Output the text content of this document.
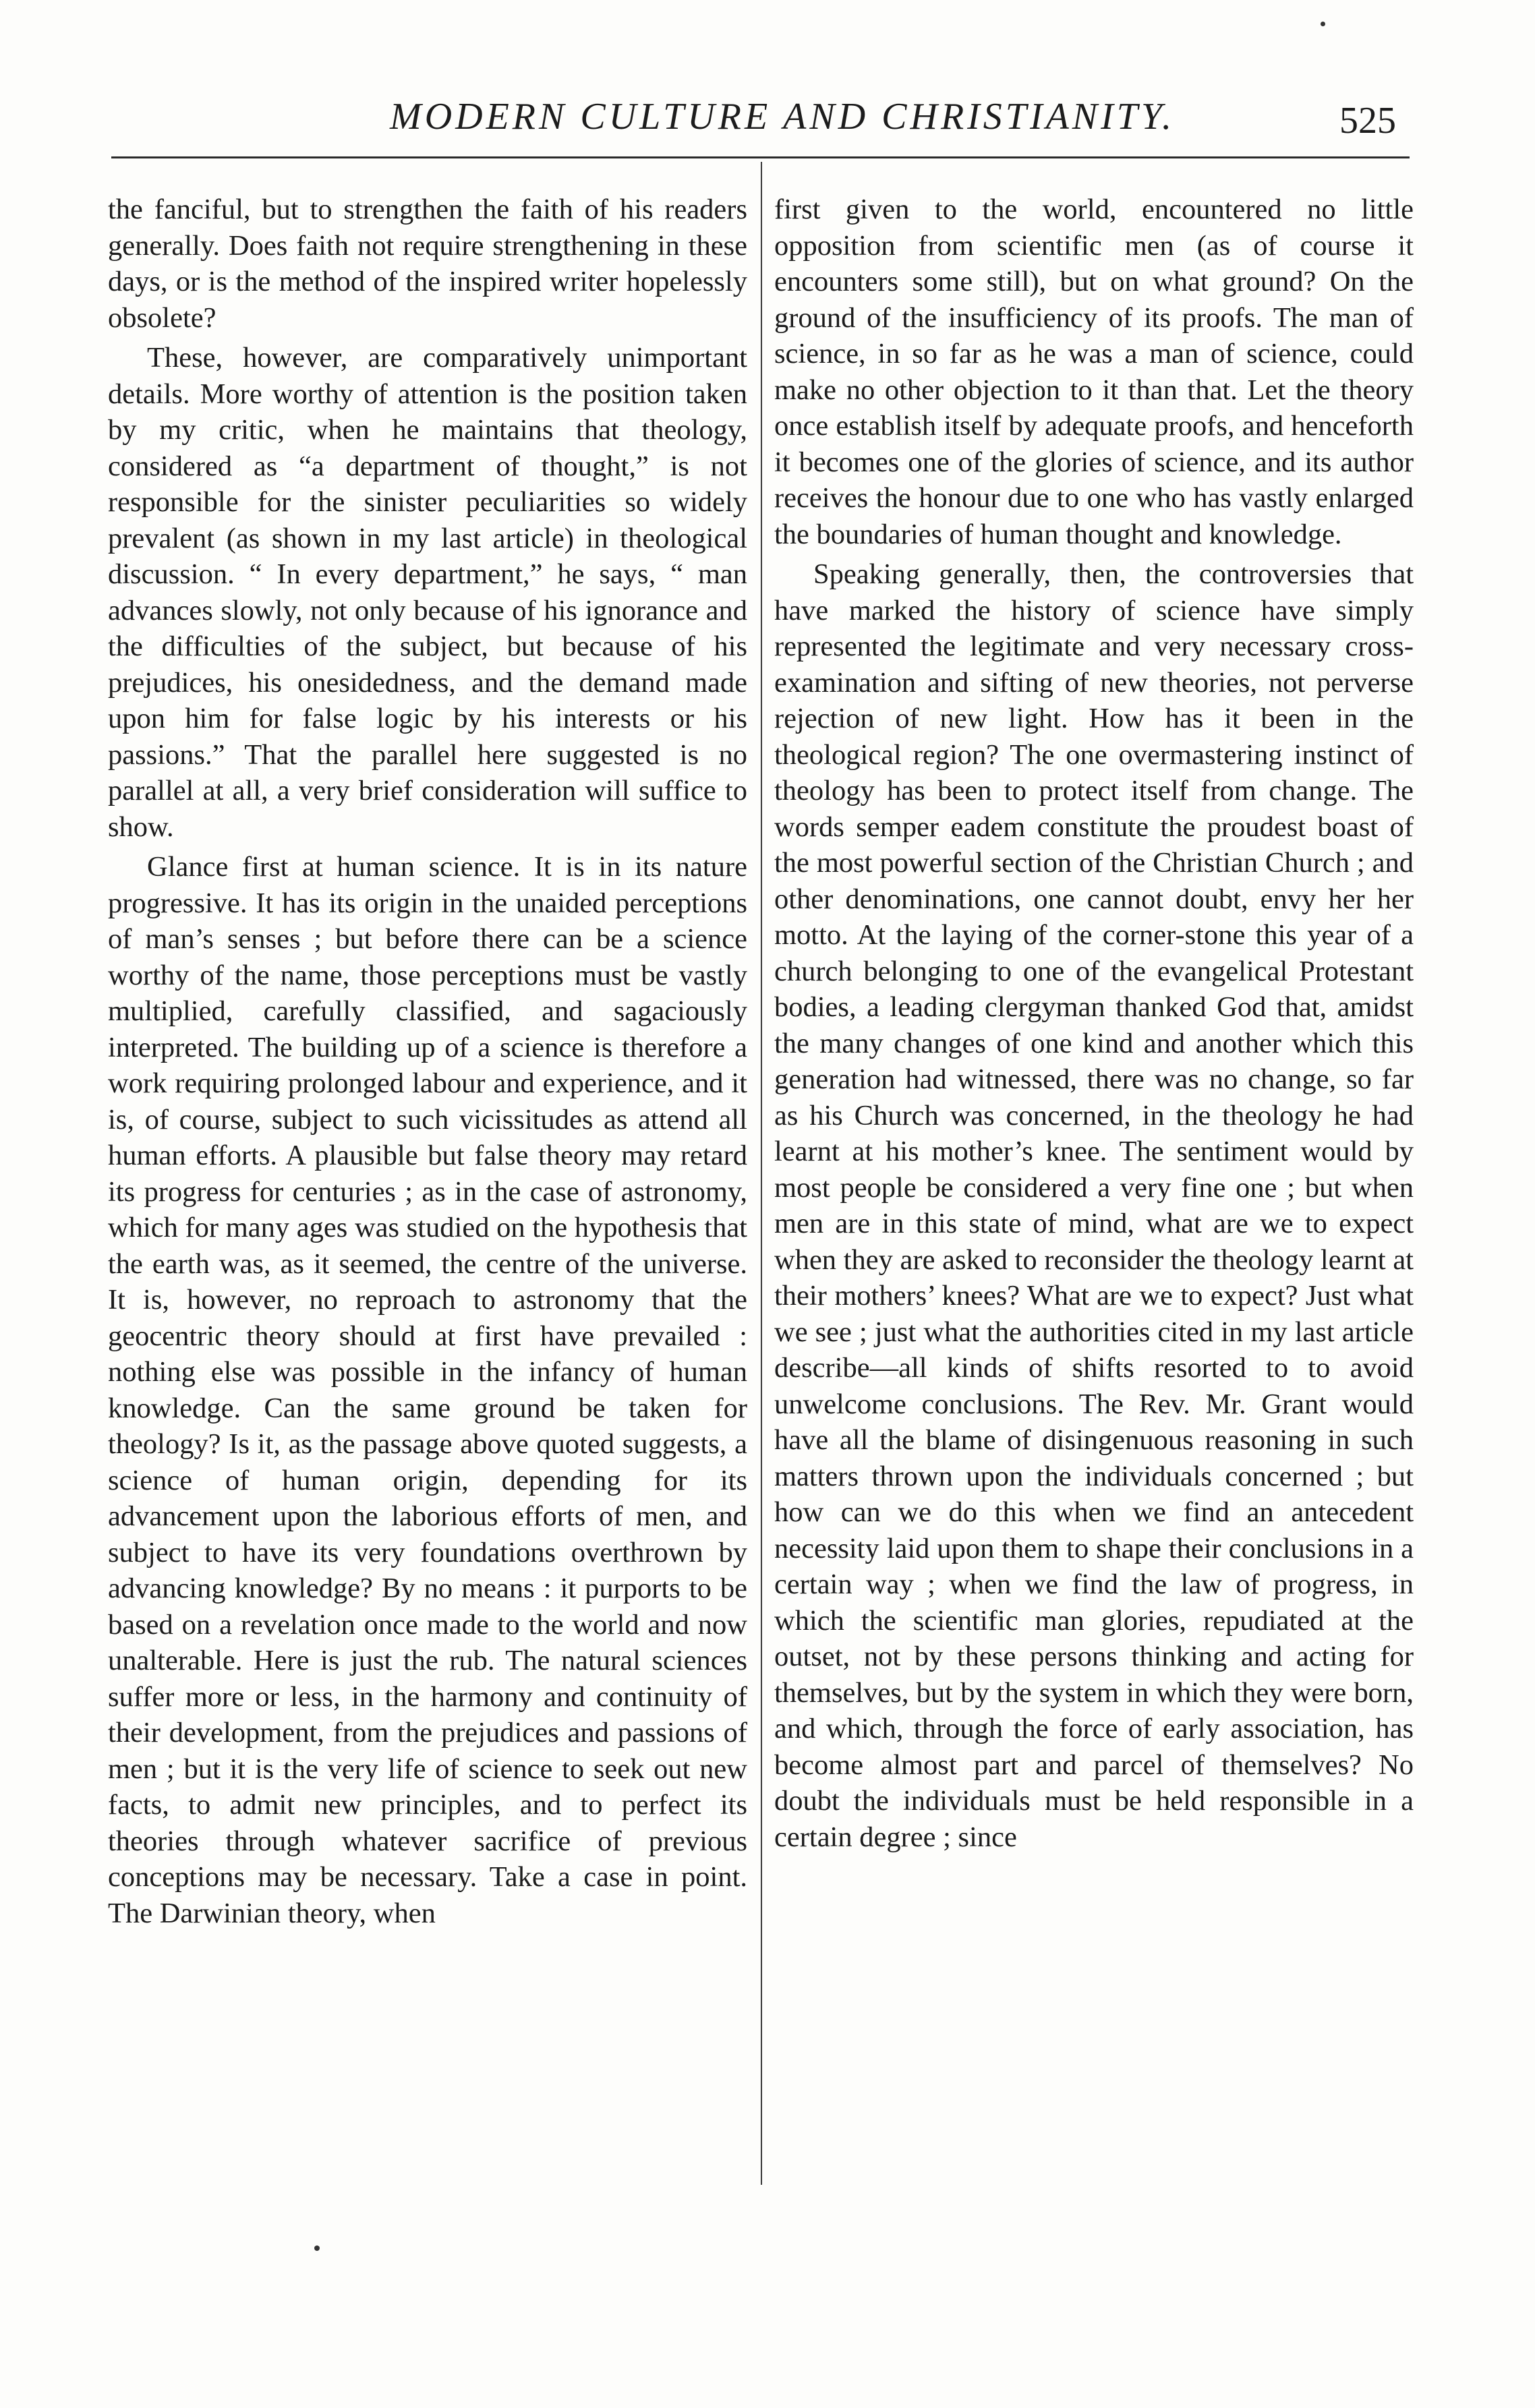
MODERN CULTURE AND CHRISTIANITY.	525

the fanciful, but to strengthen the faith of his readers generally. Does faith not require strengthening in these days, or is the method of the inspired writer hopelessly obsolete?

These, however, are comparatively unimportant details. More worthy of attention is the position taken by my critic, when he maintains that theology, considered as “a department of thought,” is not responsible for the sinister peculiarities so widely prevalent (as shown in my last article) in theological discussion. “ In every department,” he says, “ man advances slowly, not only because of his ignorance and the difficulties of the subject, but because of his prejudices, his onesidedness, and the demand made upon him for false logic by his interests or his passions.” That the parallel here suggested is no parallel at all, a very brief consideration will suffice to show.

Glance first at human science. It is in its nature progressive. It has its origin in the unaided perceptions of man’s senses ; but before there can be a science worthy of the name, those perceptions must be vastly multiplied, carefully classified, and sagaciously interpreted. The building up of a science is therefore a work requiring prolonged labour and experience, and it is, of course, subject to such vicissitudes as attend all human efforts. A plausible but false theory may retard its progress for centuries ; as in the case of astronomy, which for many ages was studied on the hypothesis that the earth was, as it seemed, the centre of the universe. It is, however, no reproach to astronomy that the geocentric theory should at first have prevailed : nothing else was possible in the infancy of human knowledge. Can the same ground be taken for theology? Is it, as the passage above quoted suggests, a science of human origin, depending for its advancement upon the laborious efforts of men, and subject to have its very foundations overthrown by advancing knowledge? By no means : it purports to be based on a revelation once made to the world and now unalterable. Here is just the rub. The natural sciences suffer more or less, in the harmony and continuity of their development, from the prejudices and passions of men ; but it is the very life of science to seek out new facts, to admit new principles, and to perfect its theories through whatever sacrifice of previous conceptions may be necessary. Take a case in point. The Darwinian theory, when

first given to the world, encountered no little opposition from scientific men (as of course it encounters some still), but on what ground? On the ground of the insufficiency of its proofs. The man of science, in so far as he was a man of science, could make no other objection to it than that. Let the theory once establish itself by adequate proofs, and henceforth it becomes one of the glories of science, and its author receives the honour due to one who has vastly enlarged the boundaries of human thought and knowledge.

Speaking generally, then, the controversies that have marked the history of science have simply represented the legitimate and very necessary cross-examination and sifting of new theories, not perverse rejection of new light. How has it been in the theological region? The one overmastering instinct of theology has been to protect itself from change. The words semper eadem constitute the proudest boast of the most powerful section of the Christian Church ; and other denominations, one cannot doubt, envy her her motto. At the laying of the corner-stone this year of a church belonging to one of the evangelical Protestant bodies, a leading clergyman thanked God that, amidst the many changes of one kind and another which this generation had witnessed, there was no change, so far as his Church was concerned, in the theology he had learnt at his mother’s knee. The sentiment would by most people be considered a very fine one ; but when men are in this state of mind, what are we to expect when they are asked to reconsider the theology learnt at their mothers’ knees? What are we to expect? Just what we see ; just what the authorities cited in my last article describe—all kinds of shifts resorted to to avoid unwelcome conclusions. The Rev. Mr. Grant would have all the blame of disingenuous reasoning in such matters thrown upon the individuals concerned ; but how can we do this when we find an antecedent necessity laid upon them to shape their conclusions in a certain way ; when we find the law of progress, in which the scientific man glories, repudiated at the outset, not by these persons thinking and acting for themselves, but by the system in which they were born, and which, through the force of early association, has become almost part and parcel of themselves? No doubt the individuals must be held responsible in a certain degree ; since
